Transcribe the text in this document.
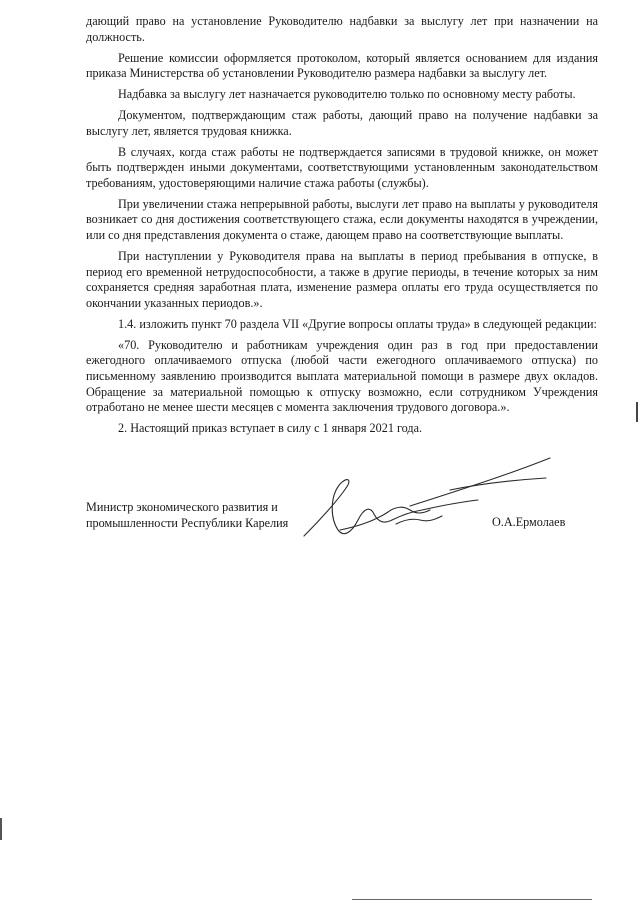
дающий право на установление Руководителю надбавки за выслугу лет при назначении на должность.

Решение комиссии оформляется протоколом, который является основанием для издания приказа Министерства об установлении Руководителю размера надбавки за выслугу лет.

Надбавка за выслугу лет назначается руководителю только по основному месту работы.

Документом, подтверждающим стаж работы, дающий право на получение надбавки за выслугу лет, является трудовая книжка.

В случаях, когда стаж работы не подтверждается записями в трудовой книжке, он может быть подтвержден иными документами, соответствующими установленным законодательством требованиям, удостоверяющими наличие стажа работы (службы).

При увеличении стажа непрерывной работы, выслуги лет право на выплаты у руководителя возникает со дня достижения соответствующего стажа, если документы находятся в учреждении, или со дня представления документа о стаже, дающем право на соответствующие выплаты.

При наступлении у Руководителя права на выплаты в период пребывания в отпуске, в период его временной нетрудоспособности, а также в другие периоды, в течение которых за ним сохраняется средняя заработная плата, изменение размера оплаты его труда осуществляется по окончании указанных периодов.».

1.4. изложить пункт 70 раздела VII «Другие вопросы оплаты труда» в следующей редакции:

«70. Руководителю и работникам учреждения один раз в год при предоставлении ежегодного оплачиваемого отпуска (любой части ежегодного оплачиваемого отпуска) по письменному заявлению производится выплата материальной помощи в размере двух окладов. Обращение за материальной помощью к отпуску возможно, если сотрудником Учреждения отработано не менее шести месяцев с момента заключения трудового договора.».

2. Настоящий приказ вступает в силу с 1 января 2021 года.

Министр экономического развития и
промышленности Республики Карелия	О.А.Ермолаев
